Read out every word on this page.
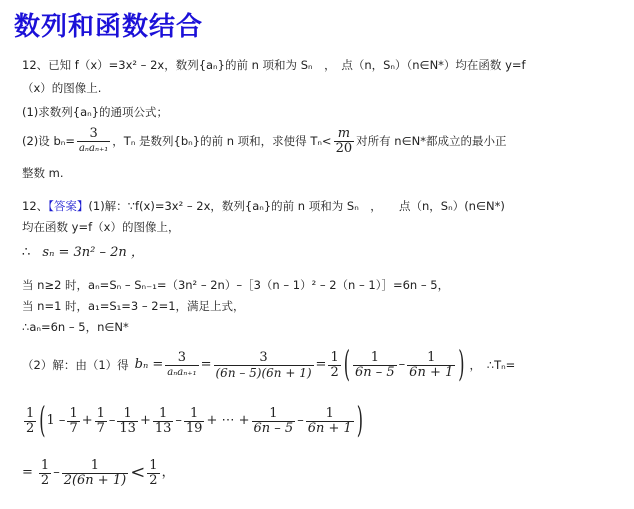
数列和函数结合
12、已知 f（x）=3x² – 2x，数列{aₙ}的前 n 项和为 Sₙ　，　点（n，Sₙ）（n∈N*）均在函数 y=f
（x）的图像上.
(1)求数列{aₙ}的通项公式；
(2)设 $b_n= \frac{3}{\text{aₙaₙ₊₁}}$ ，Tₙ 是数列{bₙ}的前 n 项和，求使得 $T_n< \frac{m}{20}$ 对所有 n∈N*都成立的最小正
整数 m.
12、【答案】(1)解：∵f(x)=3x² – 2x，数列{aₙ}的前 n 项和为 Sₙ　，　　点（n，Sₙ）(n∈N*)
均在函数 y=f（x）的图像上，
∴ sₙ = 3n² – 2n ，
当 n≥2 时，aₙ=Sₙ – Sₙ₋₁=（3n² – 2n）–［3（n – 1）² – 2（n – 1）］=6n – 5，
当 n=1 时，a₁=S₁=3 – 2=1，满足上式，
∴aₙ=6n – 5，n∈N*
（2）解：由（1）得 $b_n = \frac{3}{\text{aₙaₙ₊₁}} = \frac{3}{(6n - 5)(6n + 1)} = \frac{1}{2}$ ( $\frac{1}{6n - 5} - \frac{1}{6n + 1}$ ) ，　∴Tₙ=
$\frac{1}{2}$ ( $1 - \frac{1}{7} + \frac{1}{7} - \frac{1}{13} + \frac{1}{13} - \frac{1}{19}$ + ⋯ + $\frac{1}{6n - 5} - \frac{1}{6n + 1}$ )
= $\frac{1}{2} - \frac{1}{2(6n + 1)} < \frac{1}{2}$ ，
